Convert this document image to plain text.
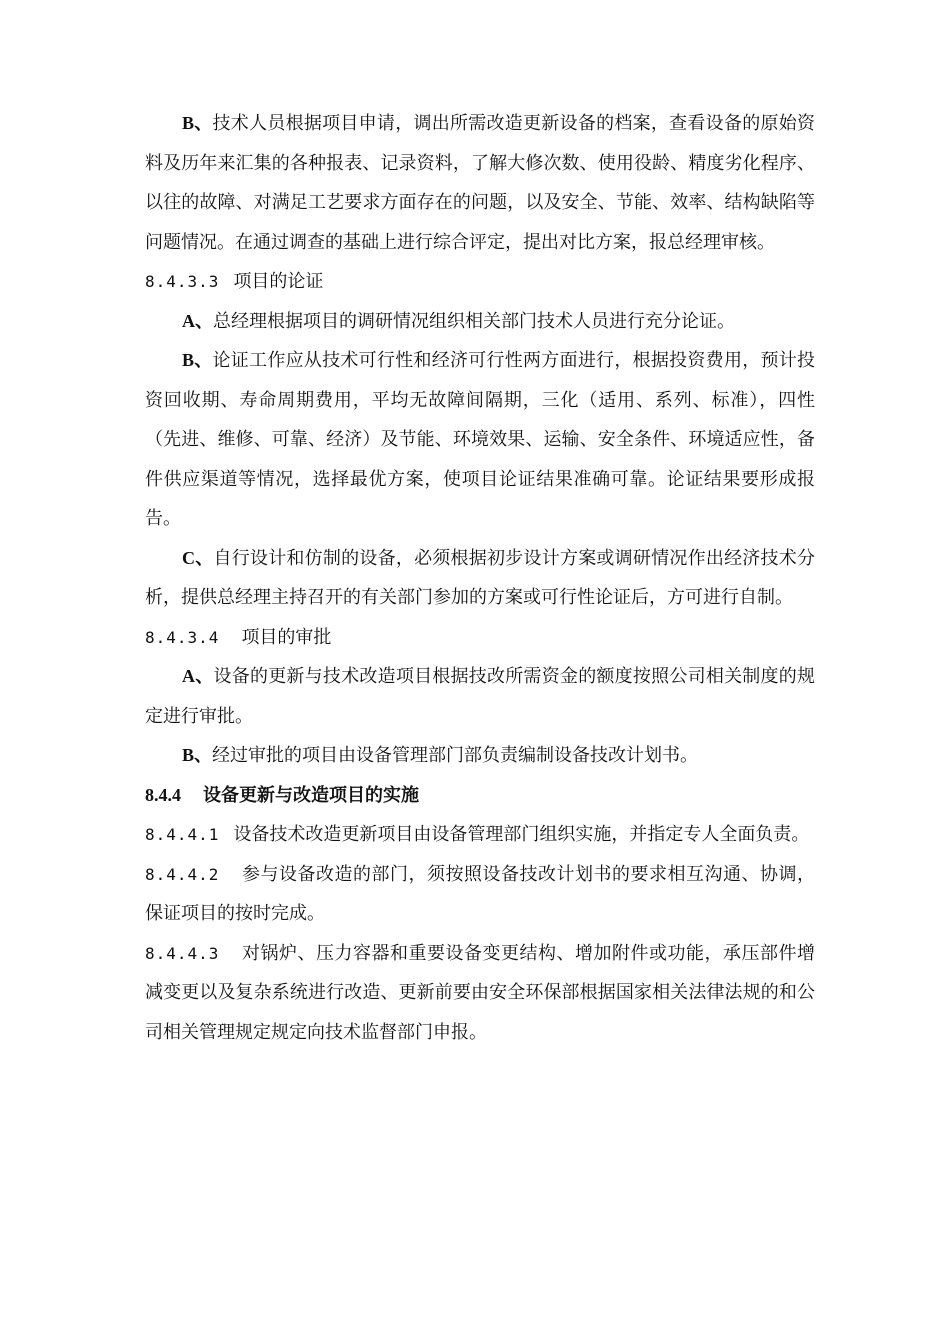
B、技术人员根据项目申请，调出所需改造更新设备的档案，查看设备的原始资料及历年来汇集的各种报表、记录资料，了解大修次数、使用役龄、精度劣化程序、以往的故障、对满足工艺要求方面存在的问题，以及安全、节能、效率、结构缺陷等问题情况。在通过调查的基础上进行综合评定，提出对比方案，报总经理审核。

8.4.3.3 项目的论证

A、总经理根据项目的调研情况组织相关部门技术人员进行充分论证。

B、论证工作应从技术可行性和经济可行性两方面进行，根据投资费用，预计投资回收期、寿命周期费用，平均无故障间隔期，三化（适用、系列、标准），四性（先进、维修、可靠、经济）及节能、环境效果、运输、安全条件、环境适应性，备件供应渠道等情况，选择最优方案，使项目论证结果准确可靠。论证结果要形成报告。

C、自行设计和仿制的设备，必须根据初步设计方案或调研情况作出经济技术分析，提供总经理主持召开的有关部门参加的方案或可行性论证后，方可进行自制。

8.4.3.4 项目的审批

A、设备的更新与技术改造项目根据技改所需资金的额度按照公司相关制度的规定进行审批。

B、经过审批的项目由设备管理部门部负责编制设备技改计划书。

8.4.4 设备更新与改造项目的实施

8.4.4.1 设备技术改造更新项目由设备管理部门组织实施，并指定专人全面负责。

8.4.4.2 参与设备改造的部门，须按照设备技改计划书的要求相互沟通、协调，保证项目的按时完成。

8.4.4.3 对锅炉、压力容器和重要设备变更结构、增加附件或功能，承压部件增减变更以及复杂系统进行改造、更新前要由安全环保部根据国家相关法律法规的和公司相关管理规定规定向技术监督部门申报。
